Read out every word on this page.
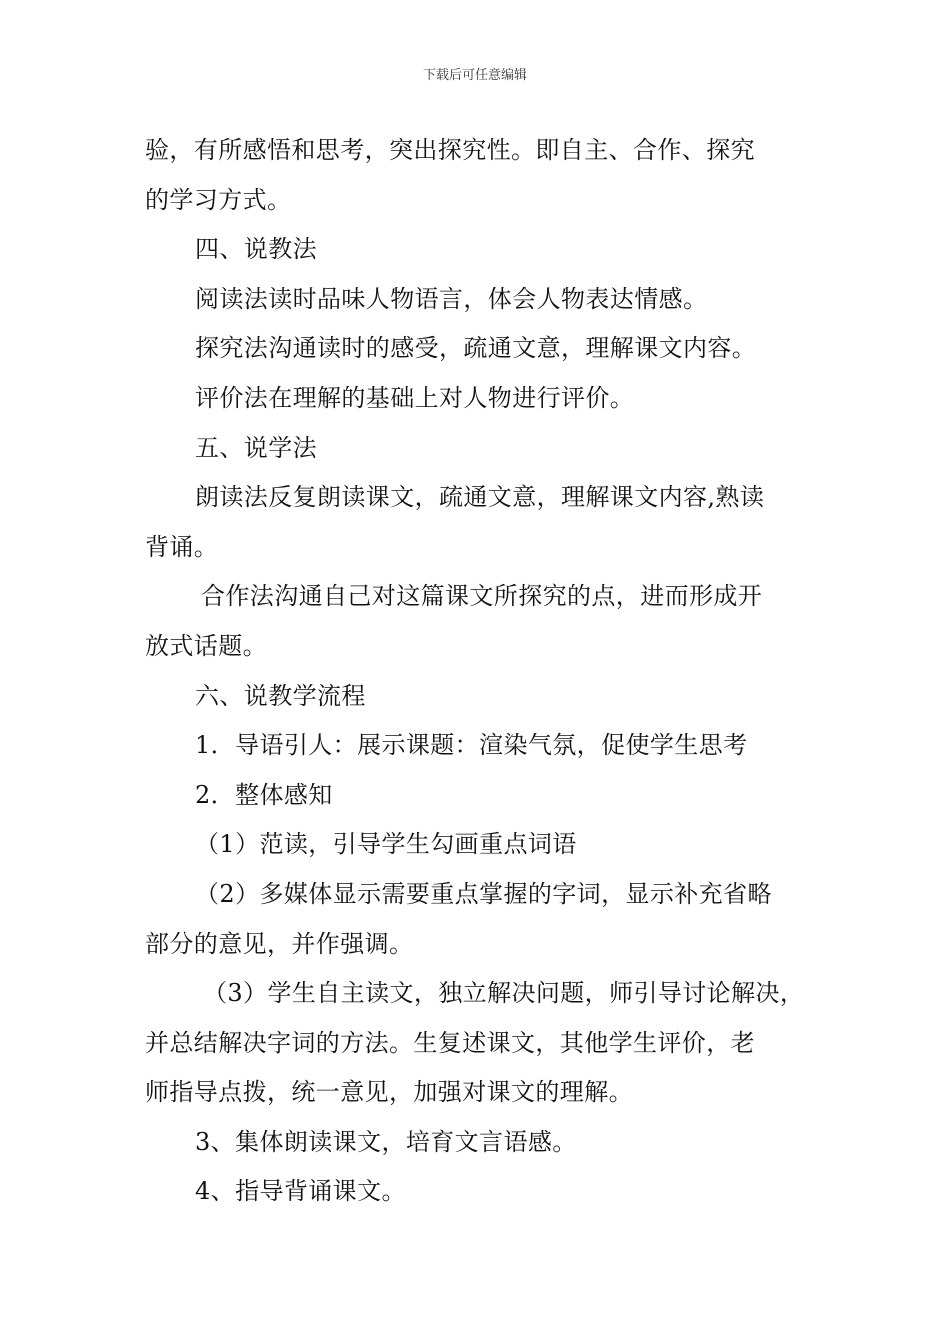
下载后可任意编辑

验，有所感悟和思考，突出探究性。即自主、合作、探究

的学习方式。

四、说教法

阅读法读时品味人物语言，体会人物表达情感。

探究法沟通读时的感受，疏通文意，理解课文内容。

评价法在理解的基础上对人物进行评价。

五、说学法

朗读法反复朗读课文，疏通文意，理解课文内容,熟读

背诵。

合作法沟通自己对这篇课文所探究的点，进而形成开

放式话题。

六、说教学流程

1．导语引人：展示课题：渲染气氛，促使学生思考

2．整体感知

（1）范读，引导学生勾画重点词语

（2）多媒体显示需要重点掌握的字词，显示补充省略

部分的意见，并作强调。

（3）学生自主读文，独立解决问题，师引导讨论解决，

并总结解决字词的方法。生复述课文，其他学生评价，老

师指导点拨，统一意见，加强对课文的理解。

3、集体朗读课文，培育文言语感。

4、指导背诵课文。
